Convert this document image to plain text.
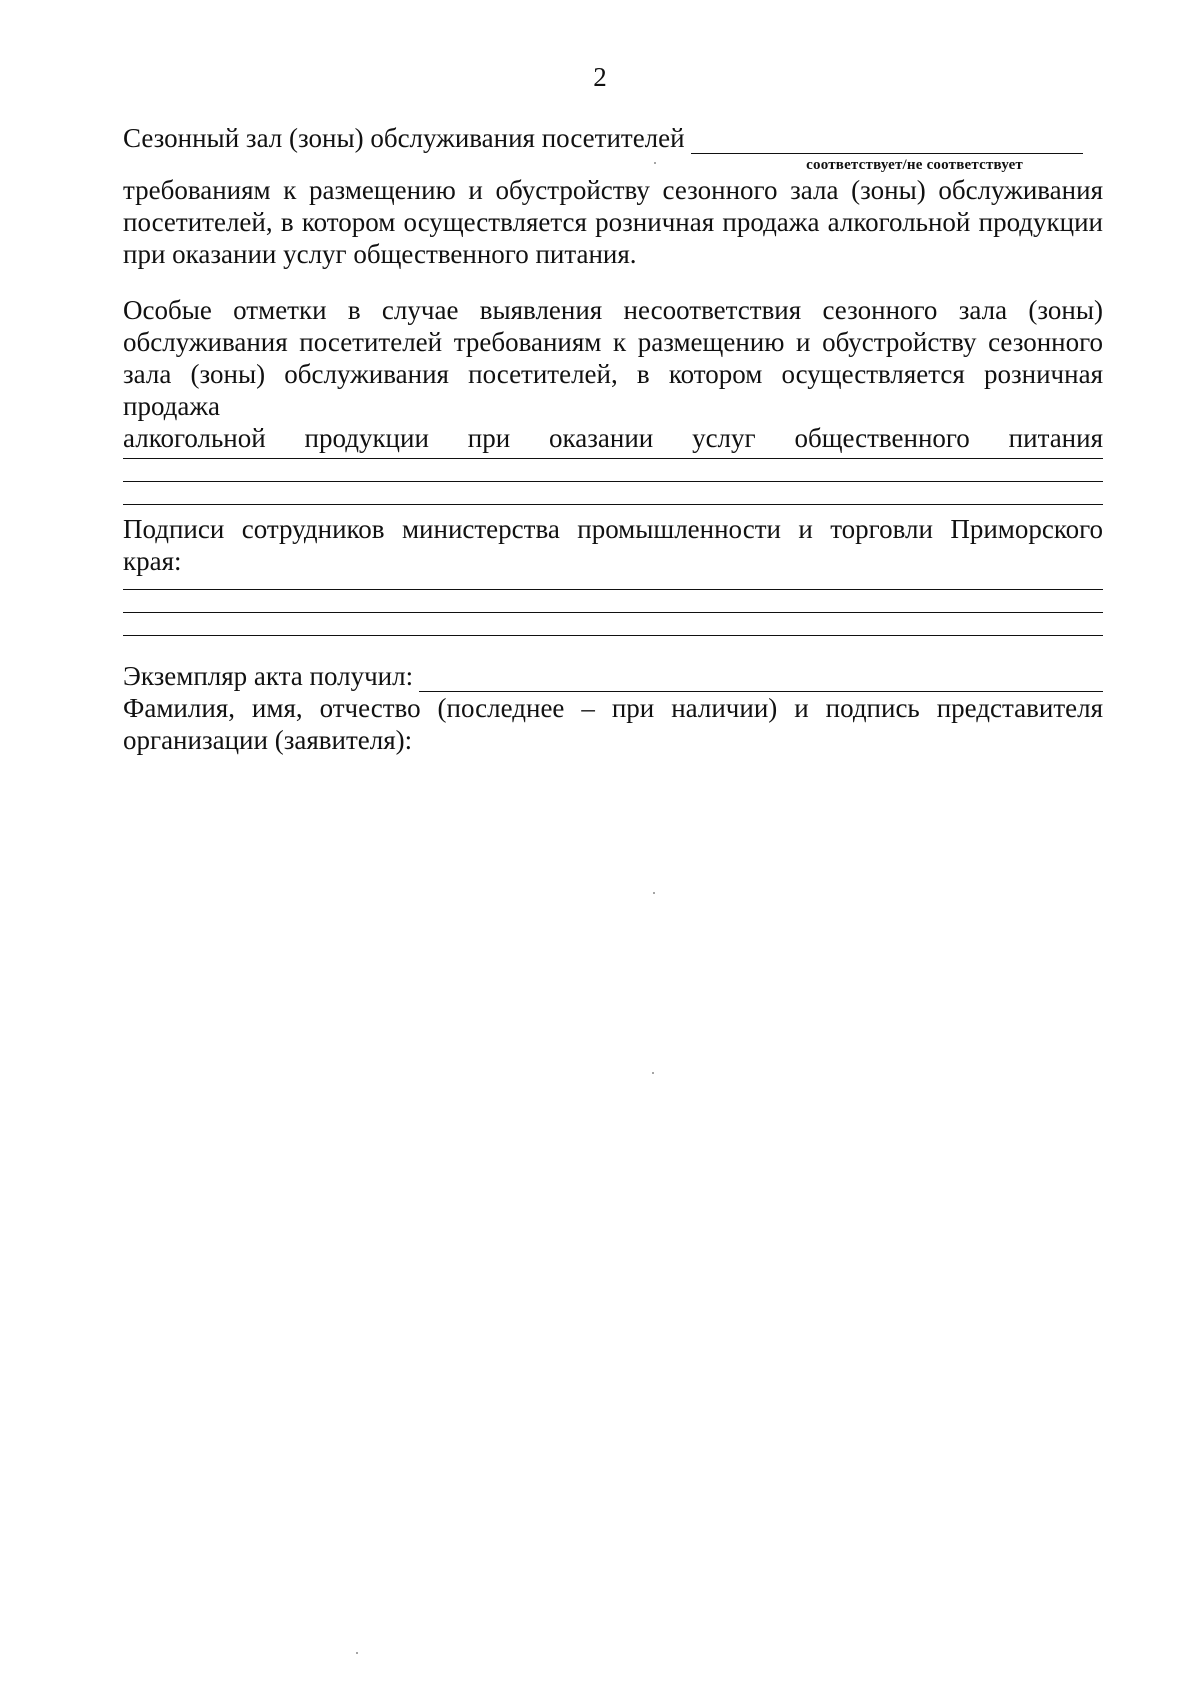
2
Сезонный зал (зоны) обслуживания посетителей
соответствует/не соответствует
требованиям к размещению и обустройству сезонного зала (зоны) обслуживания посетителей, в котором осуществляется розничная продажа алкогольной продукции при оказании услуг общественного питания.
Особые отметки в случае выявления несоответствия сезонного зала (зоны) обслуживания посетителей требованиям к размещению и обустройству сезонного зала (зоны) обслуживания посетителей, в котором осуществляется розничная продажа
алкогольной продукции при оказании услуг общественного питания
Подписи сотрудников министерства промышленности и торговли Приморского края:
Экземпляр акта получил:
Фамилия, имя, отчество (последнее – при наличии) и подпись представителя организации (заявителя):
